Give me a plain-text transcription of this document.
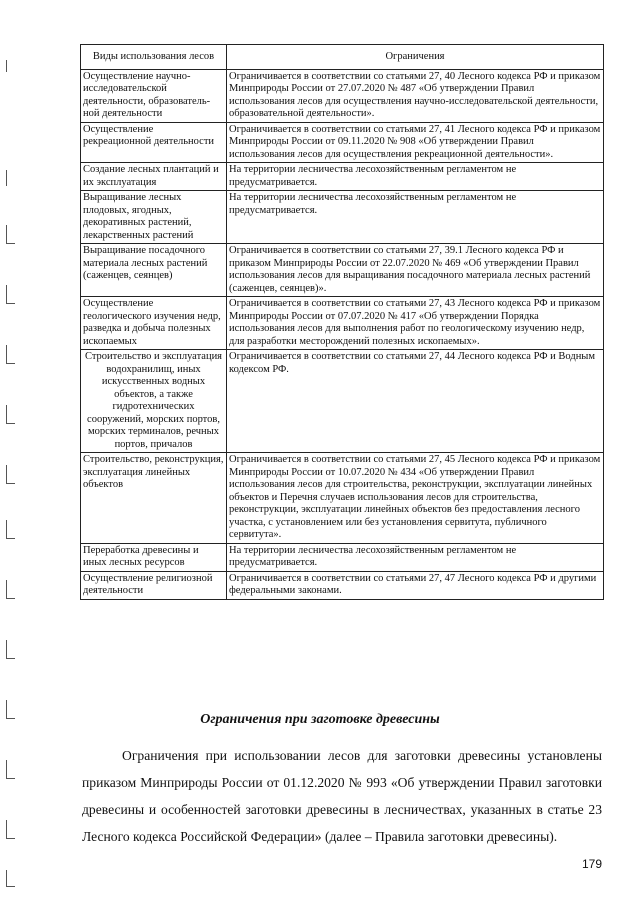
Виды использования лесов	Ограничения
Осуществление научно-исследовательской деятельности, образователь-ной деятельности	Ограничивается в соответствии со статьями 27, 40 Лесного кодекса РФ и приказом Минприроды России от 27.07.2020 № 487 «Об утверждении Правил использования лесов для осуществления научно-исследовательской деятельности, образовательной деятельности».
Осуществление рекреационной деятельности	Ограничивается в соответствии со статьями 27, 41 Лесного кодекса РФ и приказом Минприроды России от 09.11.2020 № 908 «Об утверждении Правил использования лесов для осуществления рекреационной деятельности».
Создание лесных плантаций и их эксплуатация	На территории лесничества лесохозяйственным регламентом не предусматривается.
Выращивание лесных плодовых, ягодных, декоративных растений, лекарственных растений	На территории лесничества лесохозяйственным регламентом не предусматривается.
Выращивание посадочного материала лесных растений (саженцев, сеянцев)	Ограничивается в соответствии со статьями 27, 39.1 Лесного кодекса РФ и приказом Минприроды России от 22.07.2020 № 469 «Об утверждении Правил использования лесов для выращивания посадочного материала лесных растений (саженцев, сеянцев)».
Осуществление геологического изучения недр, разведка и добыча полезных ископаемых	Ограничивается в соответствии со статьями 27, 43 Лесного кодекса РФ и приказом Минприроды России от 07.07.2020 № 417 «Об утверждении Порядка использования лесов для выполнения работ по геологическому изучению недр, для разработки месторождений полезных ископаемых».
Строительство и эксплуатация водохранилищ, иных искусственных водных объектов, а также гидротехнических сооружений, морских портов, морских терминалов, речных портов, причалов	Ограничивается в соответствии со статьями 27, 44 Лесного кодекса РФ и Водным кодексом РФ.
Строительство, реконструкция, эксплуатация линейных объектов	Ограничивается в соответствии со статьями 27, 45 Лесного кодекса РФ и приказом Минприроды России от 10.07.2020 № 434 «Об утверждении Правил использования лесов для строительства, реконструкции, эксплуатации линейных объектов и Перечня случаев использования лесов для строительства, реконструкции, эксплуатации линейных объектов без предоставления лесного участка, с установлением или без установления сервитута, публичного сервитута».
Переработка древесины и иных лесных ресурсов	На территории лесничества лесохозяйственным регламентом не предусматривается.
Осуществление религиозной деятельности	Ограничивается в соответствии со статьями 27, 47 Лесного кодекса РФ и другими федеральными законами.
Ограничения при заготовке древесины

Ограничения при использовании лесов для заготовки древесины установлены приказом Минприроды России от 01.12.2020 № 993 «Об утверждении Правил заготовки древесины и особенностей заготовки древесины в лесничествах, указанных в статье 23 Лесного кодекса Российской Федерации» (далее – Правила заготовки древесины).

179
